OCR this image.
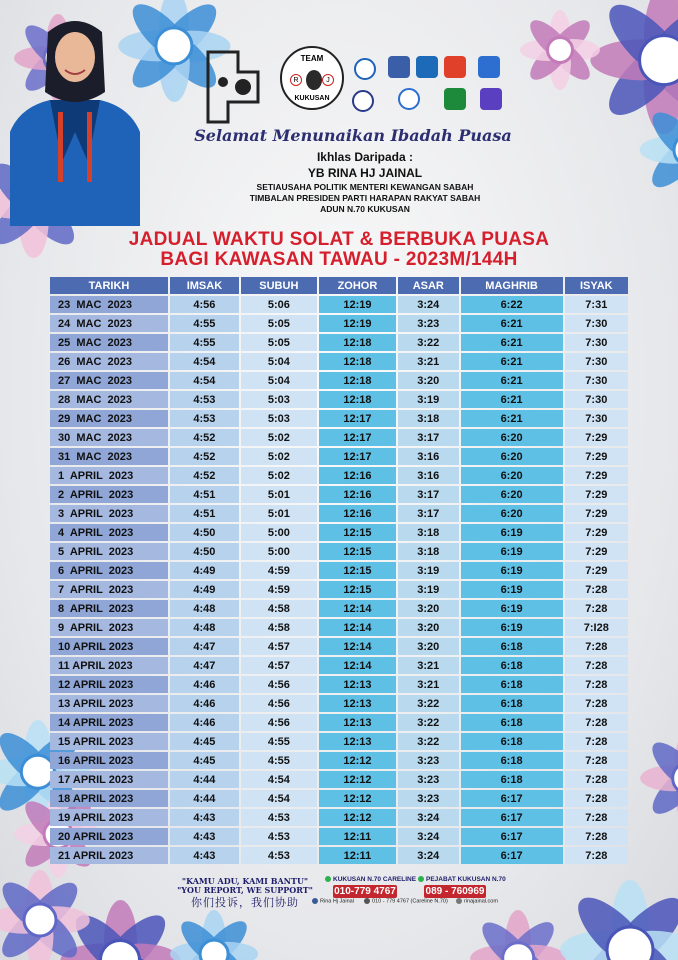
TEAM
R	J
KUKUSAN
Selamat Menunaikan Ibadah Puasa
Ikhlas Daripada :
YB RINA HJ JAINAL
SETIAUSAHA POLITIK MENTERI KEWANGAN SABAH
TIMBALAN PRESIDEN PARTI HARAPAN RAKYAT SABAH
ADUN N.70 KUKUSAN
JADUAL WAKTU SOLAT & BERBUKA PUASA
BAGI KAWASAN TAWAU - 2023M/144H
TARIKH	IMSAK	SUBUH	ZOHOR	ASAR	MAGHRIB	ISYAK
23  MAC  2023	4:56	5:06	12:19	3:24	6:22	7:31
24  MAC  2023	4:55	5:05	12:19	3:23	6:21	7:30
25  MAC  2023	4:55	5:05	12:18	3:22	6:21	7:30
26  MAC  2023	4:54	5:04	12:18	3:21	6:21	7:30
27  MAC  2023	4:54	5:04	12:18	3:20	6:21	7:30
28  MAC  2023	4:53	5:03	12:18	3:19	6:21	7:30
29  MAC  2023	4:53	5:03	12:17	3:18	6:21	7:30
30  MAC  2023	4:52	5:02	12:17	3:17	6:20	7:29
31  MAC  2023	4:52	5:02	12:17	3:16	6:20	7:29
1  APRIL  2023	4:52	5:02	12:16	3:16	6:20	7:29
2  APRIL  2023	4:51	5:01	12:16	3:17	6:20	7:29
3  APRIL  2023	4:51	5:01	12:16	3:17	6:20	7:29
4  APRIL  2023	4:50	5:00	12:15	3:18	6:19	7:29
5  APRIL  2023	4:50	5:00	12:15	3:18	6:19	7:29
6  APRIL  2023	4:49	4:59	12:15	3:19	6:19	7:29
7  APRIL  2023	4:49	4:59	12:15	3:19	6:19	7:28
8  APRIL  2023	4:48	4:58	12:14	3:20	6:19	7:28
9  APRIL  2023	4:48	4:58	12:14	3:20	6:19	7:I28
10 APRIL 2023	4:47	4:57	12:14	3:20	6:18	7:28
11 APRIL 2023	4:47	4:57	12:14	3:21	6:18	7:28
12 APRIL 2023	4:46	4:56	12:13	3:21	6:18	7:28
13 APRIL 2023	4:46	4:56	12:13	3:22	6:18	7:28
14 APRIL 2023	4:46	4:56	12:13	3:22	6:18	7:28
15 APRIL 2023	4:45	4:55	12:13	3:22	6:18	7:28
16 APRIL 2023	4:45	4:55	12:12	3:23	6:18	7:28
17 APRIL 2023	4:44	4:54	12:12	3:23	6:18	7:28
18 APRIL 2023	4:44	4:54	12:12	3:23	6:17	7:28
19 APRIL 2023	4:43	4:53	12:12	3:24	6:17	7:28
20 APRIL 2023	4:43	4:53	12:11	3:24	6:17	7:28
21 APRIL 2023	4:43	4:53	12:11	3:24	6:17	7:28
"KAMU ADU, KAMI BANTU"
"YOU REPORT, WE SUPPORT"
你们投诉，我们协助
KUKUSAN N.70 CARELINE
010-779 4767
PEJABAT KUKUSAN N.70
089 - 760969
Rina Hj Jainal	010 - 779 4767 (Careline N.70)	rinajainal.com
